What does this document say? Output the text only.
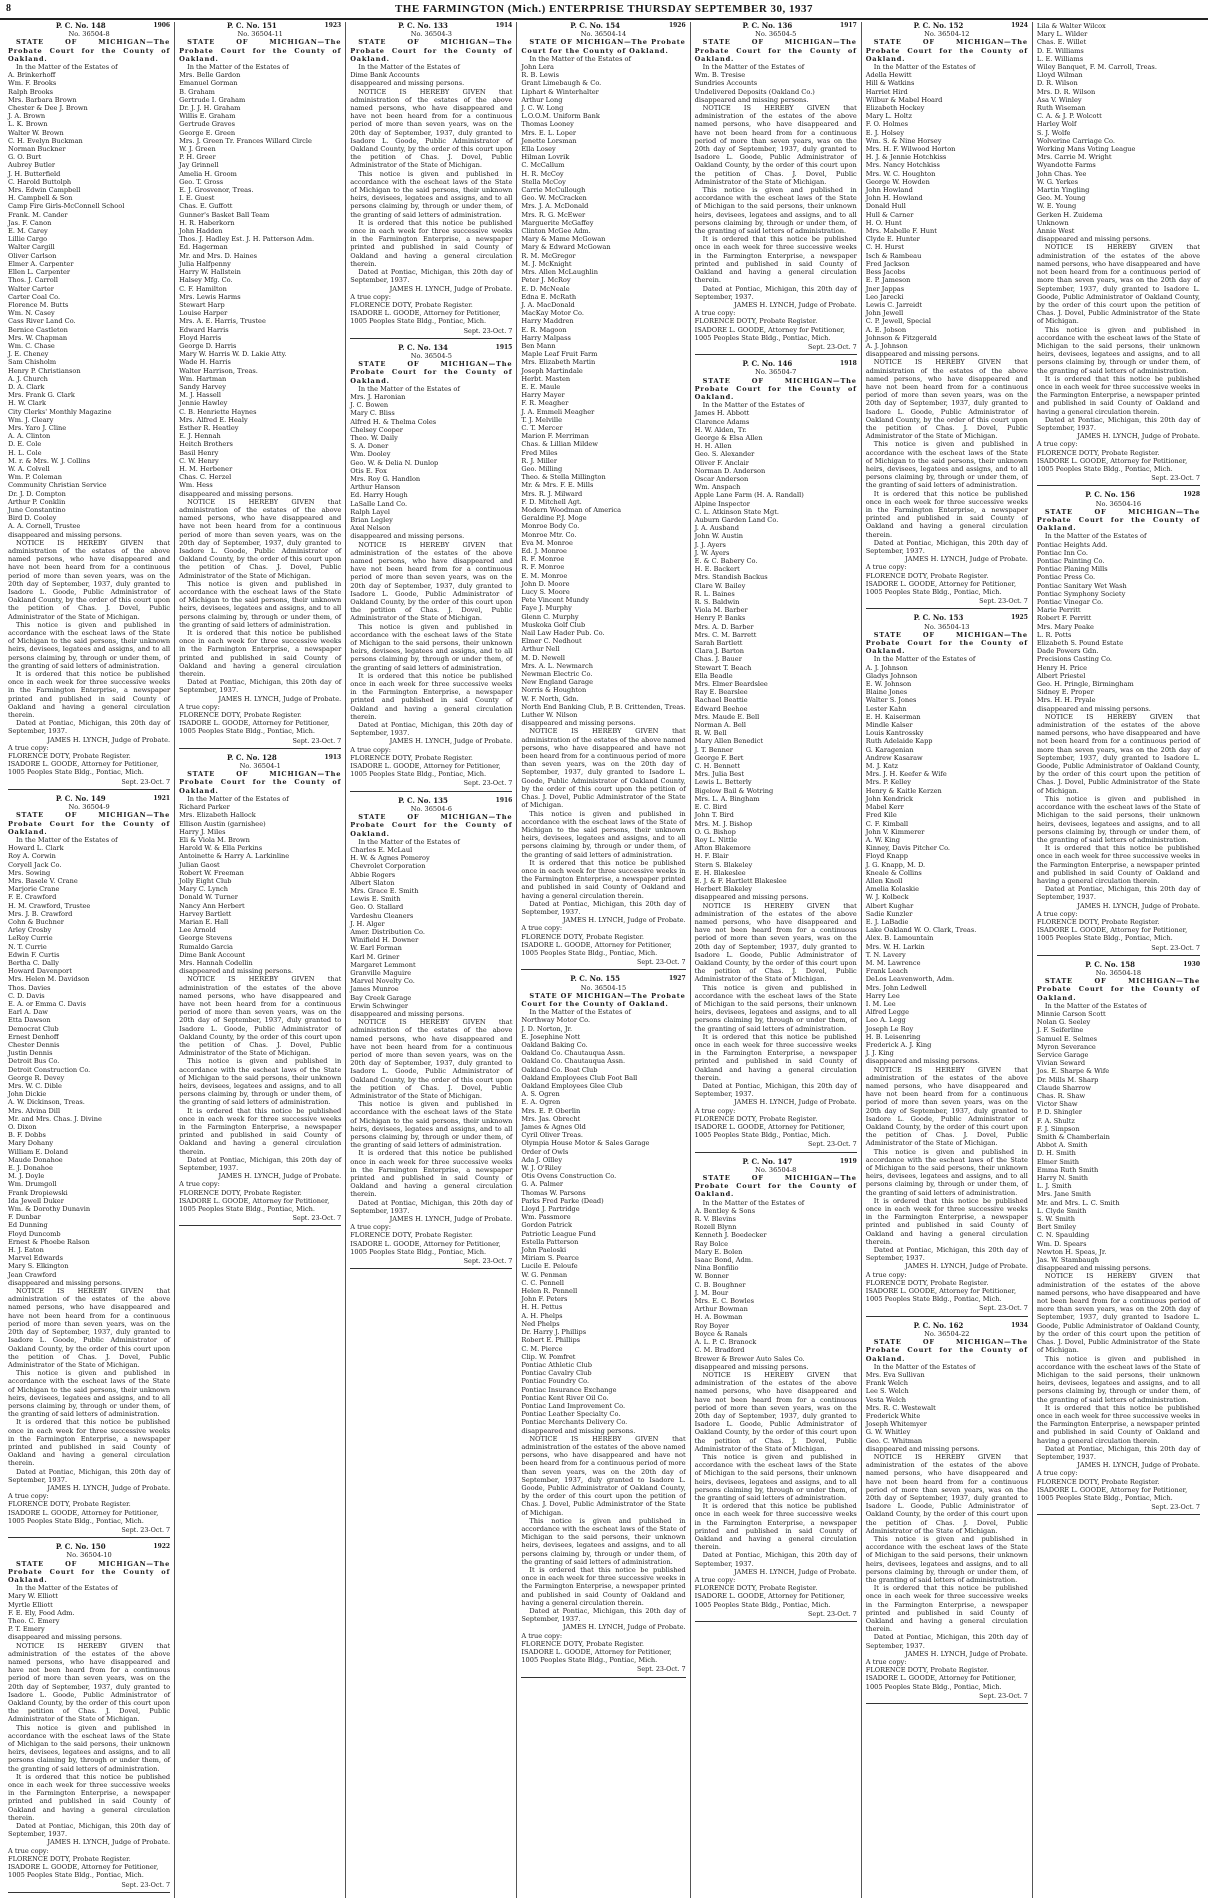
8	THE FARMINGTON (Mich.) ENTERPRISE THURSDAY SEPTEMBER 30, 1937
1906
P. C. No. 148
No. 36504-8
STATE OF MICHIGAN—The Probate Court for the County of Oakland.
In the Matter of the Estates of
A. Brinkerhoff
Wm. F. Brooks
Ralph Brooks
Mrs. Barbara Brown
Chester & Dee J. Brown
J. A. Brown
L. K. Brown
Walter W. Brown
C. H. Evelyn Buckman
Norman Buckner
G. O. Burt
Aubrey Butler
J. H. Butterfield
C. Harold Buttolph
Mrs. Edwin Campbell
H. Campbell & Son
Camp Fire Girls-McConnell School
Frank. M. Cander
Jas. F. Canon
E. M. Carey
Lillie Cargo
Walter Cargill
Oliver Carlson
Elmer A. Carpenter
Ellen L. Carpenter
Thos. J. Carroll
Walter Carter
Carter Coal Co.
Florence M. Butts
Wm. N. Casey
Cass River Land Co.
Bernice Castleton
Mrs. W. Chapman
Wm. C. Chase
J. E. Cheney
Sam Chisholm
Henry P. Christianson
A. J. Church
D. A. Clark
Mrs. Frank G. Clark
H. W. Clark
City Clerks' Monthly Magazine
Wm. J. Cleary
Mrs. Yaro J. Cline
A. A. Clinton
D. E. Cole
H. L. Cole
M. r. & Mrs. W. J. Collins
W. A. Colvell
Wm. P. Coleman
Community Christian Service
Dr. J. D. Compton
Arthur P. Conklin
June Constantino
Bird D. Cooley
A. A. Cornell, Trustee
disappeared and missing persons.
NOTICE IS HEREBY GIVEN that administration of the estates of the above named persons, who have disappeared and have not been heard from for a continuous period of more than seven years, was on the 20th day of September, 1937, duly granted to Isadore L. Goode, Public Administrator of Oakland County, by the order of this court upon the petition of Chas. J. Dovel, Public Administrator of the State of Michigan.
This notice is given and published in accordance with the escheat laws of the State of Michigan to the said persons, their unknown heirs, devisees, legatees and assigns, and to all persons claiming by, through or under them, of the granting of said letters of administration.
It is ordered that this notice be published once in each week for three successive weeks in the Farmington Enterprise, a newspaper printed and published in said County of Oakland and having a general circulation therein.
Dated at Pontiac, Michigan, this 20th day of September, 1937.
JAMES H. LYNCH, Judge of Probate.
A true copy:
FLORENCE DOTY, Probate Register.
ISADORE L. GOODE, Attorney for Petitioner, 1005 Peoples State Bldg., Pontiac, Mich.
Sept. 23-Oct. 7
1921
P. C. No. 149
No. 36504-9
STATE OF MICHIGAN—The Probate Court for the County of Oakland.
In the Matter of the Estates of
Howard L. Clark
Roy A. Corwin
Coryell Jack Co.
Mrs. Sowing
Mrs. Basele V. Crane
Marjorie Crane
F. E. Crawford
H. M. Crawford, Trustee
Mrs. J. B. Crawford
Cohn & Buchner
Arley Crosby
LeRoy Currie
N. T. Currie
Edwin F. Curtis
Bertha C. Dally
Howard Davenport
Mrs. Helen M. Davidson
Thos. Davies
C. D. Davis
E. A. or Emma C. Davis
Earl A. Daw
Etta Dawson
Democrat Club
Ernest Denhoff
Chester Dennis
Justin Dennis
Detroit Bus Co.
Detroit Construction Co.
George R. Devey
Mrs. W. C. Dible
John Dickie
A. W. Dickinson, Treas.
Mrs. Alvina Dill
Mr. and Mrs. Chas. J. Divine
O. Dixon
B. F. Dobbs
Mary Dohany
William E. Doland
Maude Donahoe
E. J. Donahoe
M. J. Doyle
Wm. Drumgoll
Frank Dropiewski
Ida Jewell Duker
Wm. & Dorothy Dunavin
F. Dunbar
Ed Dunning
Floyd Duncomb
Ernest & Phoebe Ralson
H. J. Eaton
Marvel Edwards
Mary S. Elkington
Jean Crawford
disappeared and missing persons.
NOTICE IS HEREBY GIVEN that administration of the estates of the above named persons, who have disappeared and have not been heard from for a continuous period of more than seven years, was on the 20th day of September, 1937, duly granted to Isadore L. Goode, Public Administrator of Oakland County, by the order of this court upon the petition of Chas. J. Dovel, Public Administrator of the State of Michigan.
This notice is given and published in accordance with the escheat laws of the State of Michigan to the said persons, their unknown heirs, devisees, legatees and assigns, and to all persons claiming by, through or under them, of the granting of said letters of administration.
It is ordered that this notice be published once in each week for three successive weeks in the Farmington Enterprise, a newspaper printed and published in said County of Oakland and having a general circulation therein.
Dated at Pontiac, Michigan, this 20th day of September, 1937.
JAMES H. LYNCH, Judge of Probate.
A true copy:
FLORENCE DOTY, Probate Register.
ISADORE L. GOODE, Attorney for Petitioner, 1005 Peoples State Bldg., Pontiac, Mich.
Sept. 23-Oct. 7
1922
P. C. No. 150
No. 36504-10
STATE OF MICHIGAN—The Probate Court for the County of Oakland.
In the Matter of the Estates of
Mary W. Elliott
Myrtle Elliott
F. E. Ely, Food Adm.
Theo. C. Emery
P. T. Emery
disappeared and missing persons.
NOTICE IS HEREBY GIVEN that administration of the estates of the above named persons, who have disappeared and have not been heard from for a continuous period of more than seven years, was on the 20th day of September, 1937, duly granted to Isadore L. Goode, Public Administrator of Oakland County, by the order of this court upon the petition of Chas. J. Dovel, Public Administrator of the State of Michigan.
This notice is given and published in accordance with the escheat laws of the State of Michigan to the said persons, their unknown heirs, devisees, legatees and assigns, and to all persons claiming by, through or under them, of the granting of said letters of administration.
It is ordered that this notice be published once in each week for three successive weeks in the Farmington Enterprise, a newspaper printed and published in said County of Oakland and having a general circulation therein.
Dated at Pontiac, Michigan, this 20th day of September, 1937.
JAMES H. LYNCH, Judge of Probate.
A true copy:
FLORENCE DOTY, Probate Register.
ISADORE L. GOODE, Attorney for Petitioner, 1005 Peoples State Bldg., Pontiac, Mich.
Sept. 23-Oct. 7
1923
P. C. No. 151
No. 36504-11
STATE OF MICHIGAN—The Probate Court for the County of Oakland.
In the Matter of the Estates of
Mrs. Belle Gardon
Emanuel Gorman
B. Graham
Gertrude I. Graham
Dr. J. J. H. Graham
Willis E. Graham
Gertrude Graves
George E. Green
Mrs. J. Green Tr. Frances Willard Circle
W. J. Green
P. H. Greer
Jay Grinnell
Amelia H. Groom
Geo. T. Gross
E. J. Grosvenor, Treas.
I. E. Guest
Chas. E. Guffott
Gunner's Basket Ball Team
H. R. Haberkorn
John Hadden
Thos. J. Hadley Est. J. H. Patterson Adm.
Ed. Hagerman
Mr. and Mrs. D. Haines
Julia Halfpenny
Harry W. Hallstein
Halsey Mfg. Co.
C. F. Hamilton
Mrs. Lewis Harms
Stewart Harp
Louise Harper
Mrs. A. E. Harris, Trustee
Edward Harris
Floyd Harris
George D. Harris
Mary W. Harris W. D. Lakie Atty.
Wade H. Harris
Walter Harrison, Treas.
Wm. Hartman
Sandy Harvey
M. J. Hassell
Jennie Hawley
C. B. Henriette Haynes
Mrs. Alfred E. Healy
Esther R. Heatley
E. J. Hennah
Heitch Brothers
Basil Henry
C. W. Henry
H. M. Herbener
Chas. C. Herzel
Wm. Hess
disappeared and missing persons.
NOTICE IS HEREBY GIVEN that administration of the estates of the above named persons, who have disappeared and have not been heard from for a continuous period of more than seven years, was on the 20th day of September, 1937, duly granted to Isadore L. Goode, Public Administrator of Oakland County, by the order of this court upon the petition of Chas. J. Dovel, Public Administrator of the State of Michigan.
This notice is given and published in accordance with the escheat laws of the State of Michigan to the said persons, their unknown heirs, devisees, legatees and assigns, and to all persons claiming by, through or under them, of the granting of said letters of administration.
It is ordered that this notice be published once in each week for three successive weeks in the Farmington Enterprise, a newspaper printed and published in said County of Oakland and having a general circulation therein.
Dated at Pontiac, Michigan, this 20th day of September, 1937.
JAMES H. LYNCH, Judge of Probate.
A true copy:
FLORENCE DOTY, Probate Register.
ISADORE L. GOODE, Attorney for Petitioner, 1005 Peoples State Bldg., Pontiac, Mich.
Sept. 23-Oct. 7
1913
P. C. No. 128
No. 36504-1
STATE OF MICHIGAN—The Probate Court for the County of Oakland.
In the Matter of the Estates of
Richard Parker
Mrs. Elizabeth Hallock
Ellison Austin (garnishee)
Harry J. Miles
Eli & Viola M. Brown
Harold W. & Ella Perkins
Antoinette & Harry A. Larkinline
Julian Gaost
Robert W. Freeman
Jolly Eight Club
Mary C. Lynch
Donald W. Turner
Nancy Ann Herbert
Harvey Bartlett
Marian E. Hall
Lee Arnold
George Stevens
Rumaldo Garcia
Dime Bank Account
Mrs. Hannah Codellin
disappeared and missing persons.
NOTICE IS HEREBY GIVEN that administration of the estates of the above named persons, who have disappeared and have not been heard from for a continuous period of more than seven years, was on the 20th day of September, 1937, duly granted to Isadore L. Goode, Public Administrator of Oakland County, by the order of this court upon the petition of Chas. J. Dovel, Public Administrator of the State of Michigan.
This notice is given and published in accordance with the escheat laws of the State of Michigan to the said persons, their unknown heirs, devisees, legatees and assigns, and to all persons claiming by, through or under them, of the granting of said letters of administration.
It is ordered that this notice be published once in each week for three successive weeks in the Farmington Enterprise, a newspaper printed and published in said County of Oakland and having a general circulation therein.
Dated at Pontiac, Michigan, this 20th day of September, 1937.
JAMES H. LYNCH, Judge of Probate.
A true copy:
FLORENCE DOTY, Probate Register.
ISADORE L. GOODE, Attorney for Petitioner, 1005 Peoples State Bldg., Pontiac, Mich.
Sept. 23-Oct. 7
1914
P. C. No. 133
No. 36504-3
STATE OF MICHIGAN—The Probate Court for the County of Oakland.
In the Matter of the Estates of
Dime Bank Accounts
disappeared and missing persons.
NOTICE IS HEREBY GIVEN that administration of the estates of the above named persons, who have disappeared and have not been heard from for a continuous period of more than seven years, was on the 20th day of September, 1937, duly granted to Isadore L. Goode, Public Administrator of Oakland County, by the order of this court upon the petition of Chas. J. Dovel, Public Administrator of the State of Michigan.
This notice is given and published in accordance with the escheat laws of the State of Michigan to the said persons, their unknown heirs, devisees, legatees and assigns, and to all persons claiming by, through or under them, of the granting of said letters of administration.
It is ordered that this notice be published once in each week for three successive weeks in the Farmington Enterprise, a newspaper printed and published in said County of Oakland and having a general circulation therein.
Dated at Pontiac, Michigan, this 20th day of September, 1937.
JAMES H. LYNCH, Judge of Probate.
A true copy:
FLORENCE DOTY, Probate Register.
ISADORE L. GOODE, Attorney for Petitioner, 1005 Peoples State Bldg., Pontiac, Mich.
Sept. 23-Oct. 7
1915
P. C. No. 134
No. 36504-5
STATE OF MICHIGAN—The Probate Court for the County of Oakland.
In the Matter of the Estates of
Mrs. J. Haronian
J. C. Bowen
Mary C. Bliss
Alfred H. & Thelma Coles
Chelsey Cooper
Theo. W. Daily
S. A. Doner
Wm. Dooley
Geo. W. & Delia N. Dunlop
Otis E. Fox
Mrs. Roy G. Handlon
Arthur Hanson
Ed. Harry Hough
LaSalle Land Co.
Ralph Layel
Brian Legley
Axel Nelson
disappeared and missing persons.
NOTICE IS HEREBY GIVEN that administration of the estates of the above named persons, who have disappeared and have not been heard from for a continuous period of more than seven years, was on the 20th day of September, 1937, duly granted to Isadore L. Goode, Public Administrator of Oakland County, by the order of this court upon the petition of Chas. J. Dovel, Public Administrator of the State of Michigan.
This notice is given and published in accordance with the escheat laws of the State of Michigan to the said persons, their unknown heirs, devisees, legatees and assigns, and to all persons claiming by, through or under them, of the granting of said letters of administration.
It is ordered that this notice be published once in each week for three successive weeks in the Farmington Enterprise, a newspaper printed and published in said County of Oakland and having a general circulation therein.
Dated at Pontiac, Michigan, this 20th day of September, 1937.
JAMES H. LYNCH, Judge of Probate.
A true copy:
FLORENCE DOTY, Probate Register.
ISADORE L. GOODE, Attorney for Petitioner, 1005 Peoples State Bldg., Pontiac, Mich.
Sept. 23-Oct. 7
1916
P. C. No. 135
No. 36504-6
STATE OF MICHIGAN—The Probate Court for the County of Oakland.
In the Matter of the Estates of
Charles E. McLaul
H. W. & Agnes Pomeroy
Chevrolet Corporation
Abbie Rogers
Albert Slaton
Mrs. Grace E. Smith
Lewis E. Smith
Geo. O. Stallard
Vardeshu Cleaners
J. H. Alger
Amer. Distribution Co.
Winifield H. Downer
W. Earl Forman
Karl M. Griner
Margaret Lemmont
Granville Maguire
Marvel Novelty Co.
James Munroe
Bay Creek Garage
Erwin Schwinger
disappeared and missing persons.
NOTICE IS HEREBY GIVEN that administration of the estates of the above named persons, who have disappeared and have not been heard from for a continuous period of more than seven years, was on the 20th day of September, 1937, duly granted to Isadore L. Goode, Public Administrator of Oakland County, by the order of this court upon the petition of Chas. J. Dovel, Public Administrator of the State of Michigan.
This notice is given and published in accordance with the escheat laws of the State of Michigan to the said persons, their unknown heirs, devisees, legatees and assigns, and to all persons claiming by, through or under them, of the granting of said letters of administration.
It is ordered that this notice be published once in each week for three successive weeks in the Farmington Enterprise, a newspaper printed and published in said County of Oakland and having a general circulation therein.
Dated at Pontiac, Michigan, this 20th day of September, 1937.
JAMES H. LYNCH, Judge of Probate.
A true copy:
FLORENCE DOTY, Probate Register.
ISADORE L. GOODE, Attorney for Petitioner, 1005 Peoples State Bldg., Pontiac, Mich.
Sept. 23-Oct. 7
1926
P. C. No. 154
No. 36504-14
STATE OF MICHIGAN—The Probate Court for the County of Oakland.
In the Matter of the Estates of
John Lera
R. B. Lewis
Grant Limebaugh & Co.
Liphart & Winterhalter
Arthur Long
J. C. W. Long
L.O.O.M. Uniform Bank
Thomas Looney
Mrs. E. L. Loper
Jenette Lorsman
Ella Losey
Hilman Lovrik
C. McCallum
H. R. McCoy
Stella McCoy
Carrie McCullough
Geo. W. McCracken
Mrs. J. A. McDonald
Mrs. R. G. McEwer
Marguerite McGaffey
Clinton McGee Adm.
Mary & Mame McGowan
Mary & Edward McGowan
R. M. McGregor
M. J. McKnight
Mrs. Allen McLaughlin
Peter J. McRoy
E. D. McNeale
Edna E. McRath
J. A. MacDonald
MacKay Motor Co.
Harry Maddren
E. R. Magoon
Harry Malpass
Ben Mann
Maple Leaf Fruit Farm
Mrs. Elizabeth Martin
Joseph Martindale
Herbt. Masten
E. E. Maule
Harry Mayer
F. R. Meagher
J. A. Emmeli Meagher
T. J. Melville
C. T. Mercer
Marion F. Merriman
Chas. & Lillian Mildew
Fred Miles
R. J. Miller
Geo. Milling
Theo. & Stella Millington
Mr. & Mrs. F. E. Mills
Mrs. R. J. Milward
F. D. Mitchell Agt.
Modern Woodman of America
Geraldine P.J. Moge
Monroe Body Co.
Monroe Mtr. Co.
Eva M. Monroe
Ed. J. Monroe
R. F. Monroe
R. F. Monroe
E. M. Monroe
John D. Moore
Lucy S. Moore
Pete Vincent Mundy
Faye J. Murphy
Glenn C. Murphy
Muskoka Golf Club
Nail Law Hader Pub. Co.
Elmer C. Nedhout
Arthur Nell
M. D. Newell
Mrs. A. L. Newmarch
Newman Electric Co.
New England Garage
Norris & Houghton
W. F. North, Gdn.
North End Banking Club, P. B. Crittenden, Treas.
Luther W. Nilson
disappeared and missing persons.
NOTICE IS HEREBY GIVEN that administration of the estates of the above named persons, who have disappeared and have not been heard from for a continuous period of more than seven years, was on the 20th day of September, 1937, duly granted to Isadore L. Goode, Public Administrator of Oakland County, by the order of this court upon the petition of Chas. J. Dovel, Public Administrator of the State of Michigan.
This notice is given and published in accordance with the escheat laws of the State of Michigan to the said persons, their unknown heirs, devisees, legatees and assigns, and to all persons claiming by, through or under them, of the granting of said letters of administration.
It is ordered that this notice be published once in each week for three successive weeks in the Farmington Enterprise, a newspaper printed and published in said County of Oakland and having a general circulation therein.
Dated at Pontiac, Michigan, this 20th day of September, 1937.
JAMES H. LYNCH, Judge of Probate.
A true copy:
FLORENCE DOTY, Probate Register.
ISADORE L. GOODE, Attorney for Petitioner, 1005 Peoples State Bldg., Pontiac, Mich.
Sept. 23-Oct. 7
1927
P. C. No. 155
No. 36504-15
STATE OF MICHIGAN—The Probate Court for the County of Oakland.
In the Matter of the Estates of
Northway Motor Co.
J. D. Norton, Jr.
E. Josephine Nott
Oakland Baking Co.
Oakland Co. Chautauqua Assn.
Oakland Co. Chautauqua Assn.
Oakland Co. Boat Club
Oakland Employees Club Foot Ball
Oakland Employees Glee Club
A. S. Ogren
E. A. Ogren
Mrs. E. P. Oberlin
Mrs. Jas. Obrecht
James & Agnes Old
Cyril Oliver Treas.
Olympia House Motor & Sales Garage
Order of Owls
Ada J. Ollley
W. J. O'Riley
Otis Ovens Construction Co.
G. A. Palmer
Thomas W. Parsons
Parks Fred Parke (Dead)
Lloyd J. Partridge
Wm. Passmore
Gordon Patrick
Patriotic League Fund
Estella Patterson
John Paeloski
Miriam S. Pearce
Lucile E. Peloufe
W. G. Penman
C. C. Pennell
Helen R. Pennell
John F. Peters
H. H. Pettus
A. H. Phelps
Ned Phelps
Dr. Harry J. Phillips
Robert E. Phillips
C. M. Pierce
Clip. W. Pomfret
Pontiac Athletic Club
Pontiac Cavalry Club
Pontiac Foundry Co.
Pontiac Insurance Exchange
Pontiac Kent River Oil Co.
Pontiac Land Improvement Co.
Pontiac Leather Specialty Co.
Pontiac Merchants Delivery Co.
disappeared and missing persons.
NOTICE IS HEREBY GIVEN that administration of the estates of the above named persons, who have disappeared and have not been heard from for a continuous period of more than seven years, was on the 20th day of September, 1937, duly granted to Isadore L. Goode, Public Administrator of Oakland County, by the order of this court upon the petition of Chas. J. Dovel, Public Administrator of the State of Michigan.
This notice is given and published in accordance with the escheat laws of the State of Michigan to the said persons, their unknown heirs, devisees, legatees and assigns, and to all persons claiming by, through or under them, of the granting of said letters of administration.
It is ordered that this notice be published once in each week for three successive weeks in the Farmington Enterprise, a newspaper printed and published in said County of Oakland and having a general circulation therein.
Dated at Pontiac, Michigan, this 20th day of September, 1937.
JAMES H. LYNCH, Judge of Probate.
A true copy:
FLORENCE DOTY, Probate Register.
ISADORE L. GOODE, Attorney for Petitioner, 1005 Peoples State Bldg., Pontiac, Mich.
Sept. 23-Oct. 7
1917
P. C. No. 136
No. 36504-5
STATE OF MICHIGAN—The Probate Court for the County of Oakland.
In the Matter of the Estates of
Wm. B. Tresise
Sundries Accounts
Undelivered Deposits (Oakland Co.)
disappeared and missing persons.
NOTICE IS HEREBY GIVEN that administration of the estates of the above named persons, who have disappeared and have not been heard from for a continuous period of more than seven years, was on the 20th day of September, 1937, duly granted to Isadore L. Goode, Public Administrator of Oakland County, by the order of this court upon the petition of Chas. J. Dovel, Public Administrator of the State of Michigan.
This notice is given and published in accordance with the escheat laws of the State of Michigan to the said persons, their unknown heirs, devisees, legatees and assigns, and to all persons claiming by, through or under them, of the granting of said letters of administration.
It is ordered that this notice be published once in each week for three successive weeks in the Farmington Enterprise, a newspaper printed and published in said County of Oakland and having a general circulation therein.
Dated at Pontiac, Michigan, this 20th day of September, 1937.
JAMES H. LYNCH, Judge of Probate.
A true copy:
FLORENCE DOTY, Probate Register.
ISADORE L. GOODE, Attorney for Petitioner, 1005 Peoples State Bldg., Pontiac, Mich.
Sept. 23-Oct. 7
1918
P. C. No. 146
No. 36504-7
STATE OF MICHIGAN—The Probate Court for the County of Oakland.
In the Matter of the Estates of
James H. Abbott
Clarence Adams
H. W. Alden, Tr.
George & Elsa Allen
H. H. Allen
Geo. S. Alexander
Oliver F. Anclair
Norman D. Anderson
Oscar Anderson
Wm. Anspach
Apple Lane Farm (H. A. Randall)
Alpine Inspector
C. L. Atkinson State Mgt.
Auburn Garden Land Co.
J. A. Ausband
John W. Austin
J. J. Ayers
J. W. Ayers
E. & C. Babery Co.
H. E. Backert
Mrs. Standish Backus
Clare W. Bailey
R. L. Baines
R. S. Baldwin
Viola M. Barber
Henry P. Banks
Mrs. A. D. Barber
Mrs. C. M. Barrett
Sarah Bartlett
Clara J. Barton
Chas. J. Bauer
Stewart T. Beach
Ella Beadle
Mrs. Elmer Beardslee
Ray E. Bearslee
Rachael Beattie
Edward Beehoe
Mrs. Maude E. Bell
Norman A. Bell
R. W. Bell
Mary Allen Benedict
J. T. Benner
George F. Bert
C. H. Bennett
Mrs. Julia Best
Lewis L. Betterly
Bigelow Bail & Wotring
Mrs. L. A. Bingham
E. C. Bird
John T. Bird
Mrs. M. J. Bishop
O. G. Bishop
Roy L. Nittle
Afton Blakemore
H. F. Blair
Stern S. Blakeley
E. H. Blakeslee
E. J. & F. Hartlett Blakeslee
Herbert Blakeley
disappeared and missing persons.
NOTICE IS HEREBY GIVEN that administration of the estates of the above named persons, who have disappeared and have not been heard from for a continuous period of more than seven years, was on the 20th day of September, 1937, duly granted to Isadore L. Goode, Public Administrator of Oakland County, by the order of this court upon the petition of Chas. J. Dovel, Public Administrator of the State of Michigan.
This notice is given and published in accordance with the escheat laws of the State of Michigan to the said persons, their unknown heirs, devisees, legatees and assigns, and to all persons claiming by, through or under them, of the granting of said letters of administration.
It is ordered that this notice be published once in each week for three successive weeks in the Farmington Enterprise, a newspaper printed and published in said County of Oakland and having a general circulation therein.
Dated at Pontiac, Michigan, this 20th day of September, 1937.
JAMES H. LYNCH, Judge of Probate.
A true copy:
FLORENCE DOTY, Probate Register.
ISADORE L. GOODE, Attorney for Petitioner, 1005 Peoples State Bldg., Pontiac, Mich.
Sept. 23-Oct. 7
1919
P. C. No. 147
No. 36504-8
STATE OF MICHIGAN—The Probate Court for the County of Oakland.
In the Matter of the Estates of
A. Bentley & Sons
R. V. Blevins
Rozell Blynn
Kenneth J. Boedecker
Ray Bolce
Mary E. Bolen
Isaac Bond, Adm.
Nina Bonfilio
W. Bonner
C. B. Boughner
J. M. Bour
Mrs. E. C. Bowles
Arthur Bowman
H. A. Bowman
Roy Boyer
Boyce & Ranals
A. L. P. C. Branock
C. M. Bradford
Brewer & Brewer Auto Sales Co.
disappeared and missing persons.
NOTICE IS HEREBY GIVEN that administration of the estates of the above named persons, who have disappeared and have not been heard from for a continuous period of more than seven years, was on the 20th day of September, 1937, duly granted to Isadore L. Goode, Public Administrator of Oakland County, by the order of this court upon the petition of Chas. J. Dovel, Public Administrator of the State of Michigan.
This notice is given and published in accordance with the escheat laws of the State of Michigan to the said persons, their unknown heirs, devisees, legatees and assigns, and to all persons claiming by, through or under them, of the granting of said letters of administration.
It is ordered that this notice be published once in each week for three successive weeks in the Farmington Enterprise, a newspaper printed and published in said County of Oakland and having a general circulation therein.
Dated at Pontiac, Michigan, this 20th day of September, 1937.
JAMES H. LYNCH, Judge of Probate.
A true copy:
FLORENCE DOTY, Probate Register.
ISADORE L. GOODE, Attorney for Petitioner, 1005 Peoples State Bldg., Pontiac, Mich.
Sept. 23-Oct. 7
1924
P. C. No. 152
No. 36504-12
STATE OF MICHIGAN—The Probate Court for the County of Oakland.
In the Matter of the Estates of
Adella Hewitt
Hill & Watkins
Harriet Hird
Wilbur & Mabel Hoard
Elizabeth Hockey
Mary L. Holtz
F. O. Holmes
E. J. Holsey
Wm. S. & Nine Horsey
Mrs. H. F. Wilwood Horton
H. J. & Jennie Hotchkiss
Mrs. Nancy Hotchkiss
Mrs. W. C. Houghton
George W. Howden
John Howland
John H. Howland
Donald Hull
Hull & Carner
H. O. Hunt
Mrs. Mabelle F. Hunt
Clyde E. Hunter
C. H. Hurst
Isch & Rambeau
Fred Jackson
Bess Jacobs
E. P. Jameson
Jner Jappas
Leo Jarecki
Lewis C. Jarreidt
John Jewell
C. P. Jewell, Special
A. E. Jobson
Johnson & Fitzgerald
A. J. Johnson
disappeared and missing persons.
NOTICE IS HEREBY GIVEN that administration of the estates of the above named persons, who have disappeared and have not been heard from for a continuous period of more than seven years, was on the 20th day of September, 1937, duly granted to Isadore L. Goode, Public Administrator of Oakland County, by the order of this court upon the petition of Chas. J. Dovel, Public Administrator of the State of Michigan.
This notice is given and published in accordance with the escheat laws of the State of Michigan to the said persons, their unknown heirs, devisees, legatees and assigns, and to all persons claiming by, through or under them, of the granting of said letters of administration.
It is ordered that this notice be published once in each week for three successive weeks in the Farmington Enterprise, a newspaper printed and published in said County of Oakland and having a general circulation therein.
Dated at Pontiac, Michigan, this 20th day of September, 1937.
JAMES H. LYNCH, Judge of Probate.
A true copy:
FLORENCE DOTY, Probate Register.
ISADORE L. GOODE, Attorney for Petitioner, 1005 Peoples State Bldg., Pontiac, Mich.
Sept. 23-Oct. 7
1925
P. C. No. 153
No. 36504-13
STATE OF MICHIGAN—The Probate Court for the County of Oakland.
In the Matter of the Estates of
A. J. Johnson
Gladys Johnson
E. W. Johnson
Blaine Jones
Walter S. Jones
Lester Kahn
E. H. Kaiserman
Mindle Kalser
Louis Kantrossky
Ruth Adelaide Kapp
G. Karagenian
Andrew Kasaraw
M. J. Katz
Mrs. J. H. Keefer & Wife
Mrs. P. Kelley
Henry & Kaitle Kerzen
John Kendrick
Mabel Kerr
Fred Kile
C. F. Kimball
John V. Kimmerer
A. W. King
Kinney, Davis Pitcher Co.
Floyd Knapp
J. G. Knapp, M. D.
Kneale & Collins
Allen Knoll
Amelia Kolaskie
W. J. Kolbeck
Albert Kughar
Sadie Kunzler
E. J. LaBadie
Lake Oakland W. O. Clark, Treas.
Alex. B. Lamountain
Mrs. W. H. Larkin
T. N. Lavery
M. M. Lawrence
Frank Leach
DeLos Leavenworth, Adm.
Mrs. John Ledwell
Harry Lee
I. M. Lee
Alfred Legge
Leo A. Legg
Joseph Le Roy
H. B. Leisenring
Frederick A. J. King
J. J. King
disappeared and missing persons.
NOTICE IS HEREBY GIVEN that administration of the estates of the above named persons, who have disappeared and have not been heard from for a continuous period of more than seven years, was on the 20th day of September, 1937, duly granted to Isadore L. Goode, Public Administrator of Oakland County, by the order of this court upon the petition of Chas. J. Dovel, Public Administrator of the State of Michigan.
This notice is given and published in accordance with the escheat laws of the State of Michigan to the said persons, their unknown heirs, devisees, legatees and assigns, and to all persons claiming by, through or under them, of the granting of said letters of administration.
It is ordered that this notice be published once in each week for three successive weeks in the Farmington Enterprise, a newspaper printed and published in said County of Oakland and having a general circulation therein.
Dated at Pontiac, Michigan, this 20th day of September, 1937.
JAMES H. LYNCH, Judge of Probate.
A true copy:
FLORENCE DOTY, Probate Register.
ISADORE L. GOODE, Attorney for Petitioner, 1005 Peoples State Bldg., Pontiac, Mich.
Sept. 23-Oct. 7
1934
P. C. No. 162
No. 36504-22
STATE OF MICHIGAN—The Probate Court for the County of Oakland.
In the Matter of the Estates of
Mrs. Eva Sullivan
Frank Welch
Lee S. Welch
Vesta Welch
Mrs. R. C. Westewalt
Frederick White
Joseph Whitemyer
G. W. Whitley
Geo. C. Whitman
disappeared and missing persons.
NOTICE IS HEREBY GIVEN that administration of the estates of the above named persons, who have disappeared and have not been heard from for a continuous period of more than seven years, was on the 20th day of September, 1937, duly granted to Isadore L. Goode, Public Administrator of Oakland County, by the order of this court upon the petition of Chas. J. Dovel, Public Administrator of the State of Michigan.
This notice is given and published in accordance with the escheat laws of the State of Michigan to the said persons, their unknown heirs, devisees, legatees and assigns, and to all persons claiming by, through or under them, of the granting of said letters of administration.
It is ordered that this notice be published once in each week for three successive weeks in the Farmington Enterprise, a newspaper printed and published in said County of Oakland and having a general circulation therein.
Dated at Pontiac, Michigan, this 20th day of September, 1937.
JAMES H. LYNCH, Judge of Probate.
A true copy:
FLORENCE DOTY, Probate Register.
ISADORE L. GOODE, Attorney for Petitioner, 1005 Peoples State Bldg., Pontiac, Mich.
Sept. 23-Oct. 7
Lila & Walter Wilcox
Mary L. Wilder
Chas. E. Willet
D. E. Williams
L. E. Williams
Wiley Banquet, F. M. Carroll, Treas.
Lloyd Wilman
D. R. Wilson
Mrs. D. R. Wilson
Asa V. Winley
Ruth Wiseman
C. A. & J. P. Wolcott
Harley Wolf
S. J. Wolfe
Wolverine Carriage Co.
Working Mans Voting League
Mrs. Carrie M. Wright
Wyandotte Farms
John Chas. Yee
W. G. Yerkes
Martin Yingling
Geo. M. Young
W. E. Young
Gerken H. Zuidema
Unknown
Annie West
disappeared and missing persons.
NOTICE IS HEREBY GIVEN that administration of the estates of the above named persons, who have disappeared and have not been heard from for a continuous period of more than seven years, was on the 20th day of September, 1937, duly granted to Isadore L. Goode, Public Administrator of Oakland County, by the order of this court upon the petition of Chas. J. Dovel, Public Administrator of the State of Michigan.
This notice is given and published in accordance with the escheat laws of the State of Michigan to the said persons, their unknown heirs, devisees, legatees and assigns, and to all persons claiming by, through or under them, of the granting of said letters of administration.
It is ordered that this notice be published once in each week for three successive weeks in the Farmington Enterprise, a newspaper printed and published in said County of Oakland and having a general circulation therein.
Dated at Pontiac, Michigan, this 20th day of September, 1937.
JAMES H. LYNCH, Judge of Probate.
A true copy:
FLORENCE DOTY, Probate Register.
ISADORE L. GOODE, Attorney for Petitioner, 1005 Peoples State Bldg., Pontiac, Mich.
Sept. 23-Oct. 7
1928
P. C. No. 156
No. 36504-16
STATE OF MICHIGAN—The Probate Court for the County of Oakland.
In the Matter of the Estates of
Pontiac Heights Add.
Pontiac Inn Co.
Pontiac Painting Co.
Pontiac Planing Mills
Pontiac Press Co.
Pontiac Sanitary Wet Wash
Pontiac Symphony Society
Pontiac Vinegar Co.
Marie Perritt
Robert F. Perritt
Mrs. Mary Peake
L. R. Potts
Elizabeth S. Pound Estate
Dade Powers Gdn.
Precisions Casting Co.
Henry H. Price
Albert Priestel
Geo. H. Pringle, Birmingham
Sidney E. Proper
Mrs. H. H. Pryale
disappeared and missing persons.
NOTICE IS HEREBY GIVEN that administration of the estates of the above named persons, who have disappeared and have not been heard from for a continuous period of more than seven years, was on the 20th day of September, 1937, duly granted to Isadore L. Goode, Public Administrator of Oakland County, by the order of this court upon the petition of Chas. J. Dovel, Public Administrator of the State of Michigan.
This notice is given and published in accordance with the escheat laws of the State of Michigan to the said persons, their unknown heirs, devisees, legatees and assigns, and to all persons claiming by, through or under them, of the granting of said letters of administration.
It is ordered that this notice be published once in each week for three successive weeks in the Farmington Enterprise, a newspaper printed and published in said County of Oakland and having a general circulation therein.
Dated at Pontiac, Michigan, this 20th day of September, 1937.
JAMES H. LYNCH, Judge of Probate.
A true copy:
FLORENCE DOTY, Probate Register.
ISADORE L. GOODE, Attorney for Petitioner, 1005 Peoples State Bldg., Pontiac, Mich.
Sept. 23-Oct. 7
1930
P. C. No. 158
No. 36504-18
STATE OF MICHIGAN—The Probate Court for the County of Oakland.
In the Matter of the Estates of
Minnie Carson Scott
Nolan G. Seeley
J. F. Seiferline
Samuel E. Selmes
Myron Severance
Service Garage
Vivian Seward
Jos. E. Sharpe & Wife
Dr. Mills M. Sharp
Claude Sharrow
Chas. R. Shaw
Victor Shaw
P. D. Shingler
F. A. Shultz
F. J. Simpson
Smith & Chamberlain
Abbot A. Smith
D. H. Smith
Elmer Smith
Emma Ruth Smith
Harry N. Smith
L. J. Smith
Mrs. Jane Smith
Mr. and Mrs. L. C. Smith
L. Clyde Smith
S. W. Smith
Bert Smiley
C. N. Spaulding
Wm. D. Spears
Newton H. Speas, Jr.
Jas. W. Stambaugh
disappeared and missing persons.
NOTICE IS HEREBY GIVEN that administration of the estates of the above named persons, who have disappeared and have not been heard from for a continuous period of more than seven years, was on the 20th day of September, 1937, duly granted to Isadore L. Goode, Public Administrator of Oakland County, by the order of this court upon the petition of Chas. J. Dovel, Public Administrator of the State of Michigan.
This notice is given and published in accordance with the escheat laws of the State of Michigan to the said persons, their unknown heirs, devisees, legatees and assigns, and to all persons claiming by, through or under them, of the granting of said letters of administration.
It is ordered that this notice be published once in each week for three successive weeks in the Farmington Enterprise, a newspaper printed and published in said County of Oakland and having a general circulation therein.
Dated at Pontiac, Michigan, this 20th day of September, 1937.
JAMES H. LYNCH, Judge of Probate.
A true copy:
FLORENCE DOTY, Probate Register.
ISADORE L. GOODE, Attorney for Petitioner, 1005 Peoples State Bldg., Pontiac, Mich.
Sept. 23-Oct. 7
